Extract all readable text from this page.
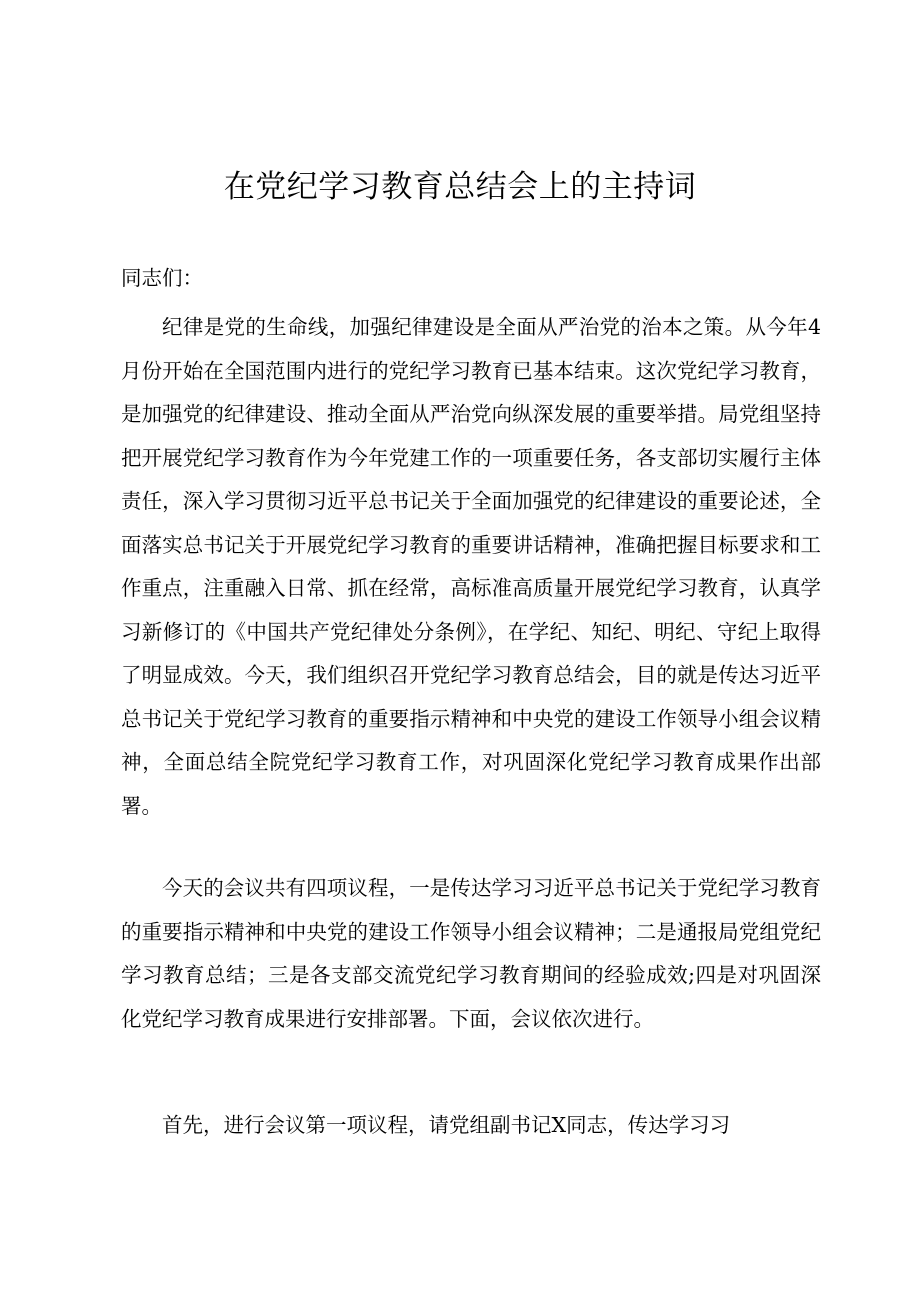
在党纪学习教育总结会上的主持词

同志们：

纪律是党的生命线，加强纪律建设是全面从严治党的治本之策。从今年4月份开始在全国范围内进行的党纪学习教育已基本结束。这次党纪学习教育，是加强党的纪律建设、推动全面从严治党向纵深发展的重要举措。局党组坚持把开展党纪学习教育作为今年党建工作的一项重要任务，各支部切实履行主体责任，深入学习贯彻习近平总书记关于全面加强党的纪律建设的重要论述，全面落实总书记关于开展党纪学习教育的重要讲话精神，准确把握目标要求和工作重点，注重融入日常、抓在经常，高标准高质量开展党纪学习教育，认真学习新修订的《中国共产党纪律处分条例》，在学纪、知纪、明纪、守纪上取得了明显成效。今天，我们组织召开党纪学习教育总结会，目的就是传达习近平总书记关于党纪学习教育的重要指示精神和中央党的建设工作领导小组会议精神，全面总结全院党纪学习教育工作，对巩固深化党纪学习教育成果作出部署。

今天的会议共有四项议程，一是传达学习习近平总书记关于党纪学习教育的重要指示精神和中央党的建设工作领导小组会议精神；二是通报局党组党纪学习教育总结；三是各支部交流党纪学习教育期间的经验成效;四是对巩固深化党纪学习教育成果进行安排部署。下面，会议依次进行。

首先，进行会议第一项议程，请党组副书记X同志，传达学习习
